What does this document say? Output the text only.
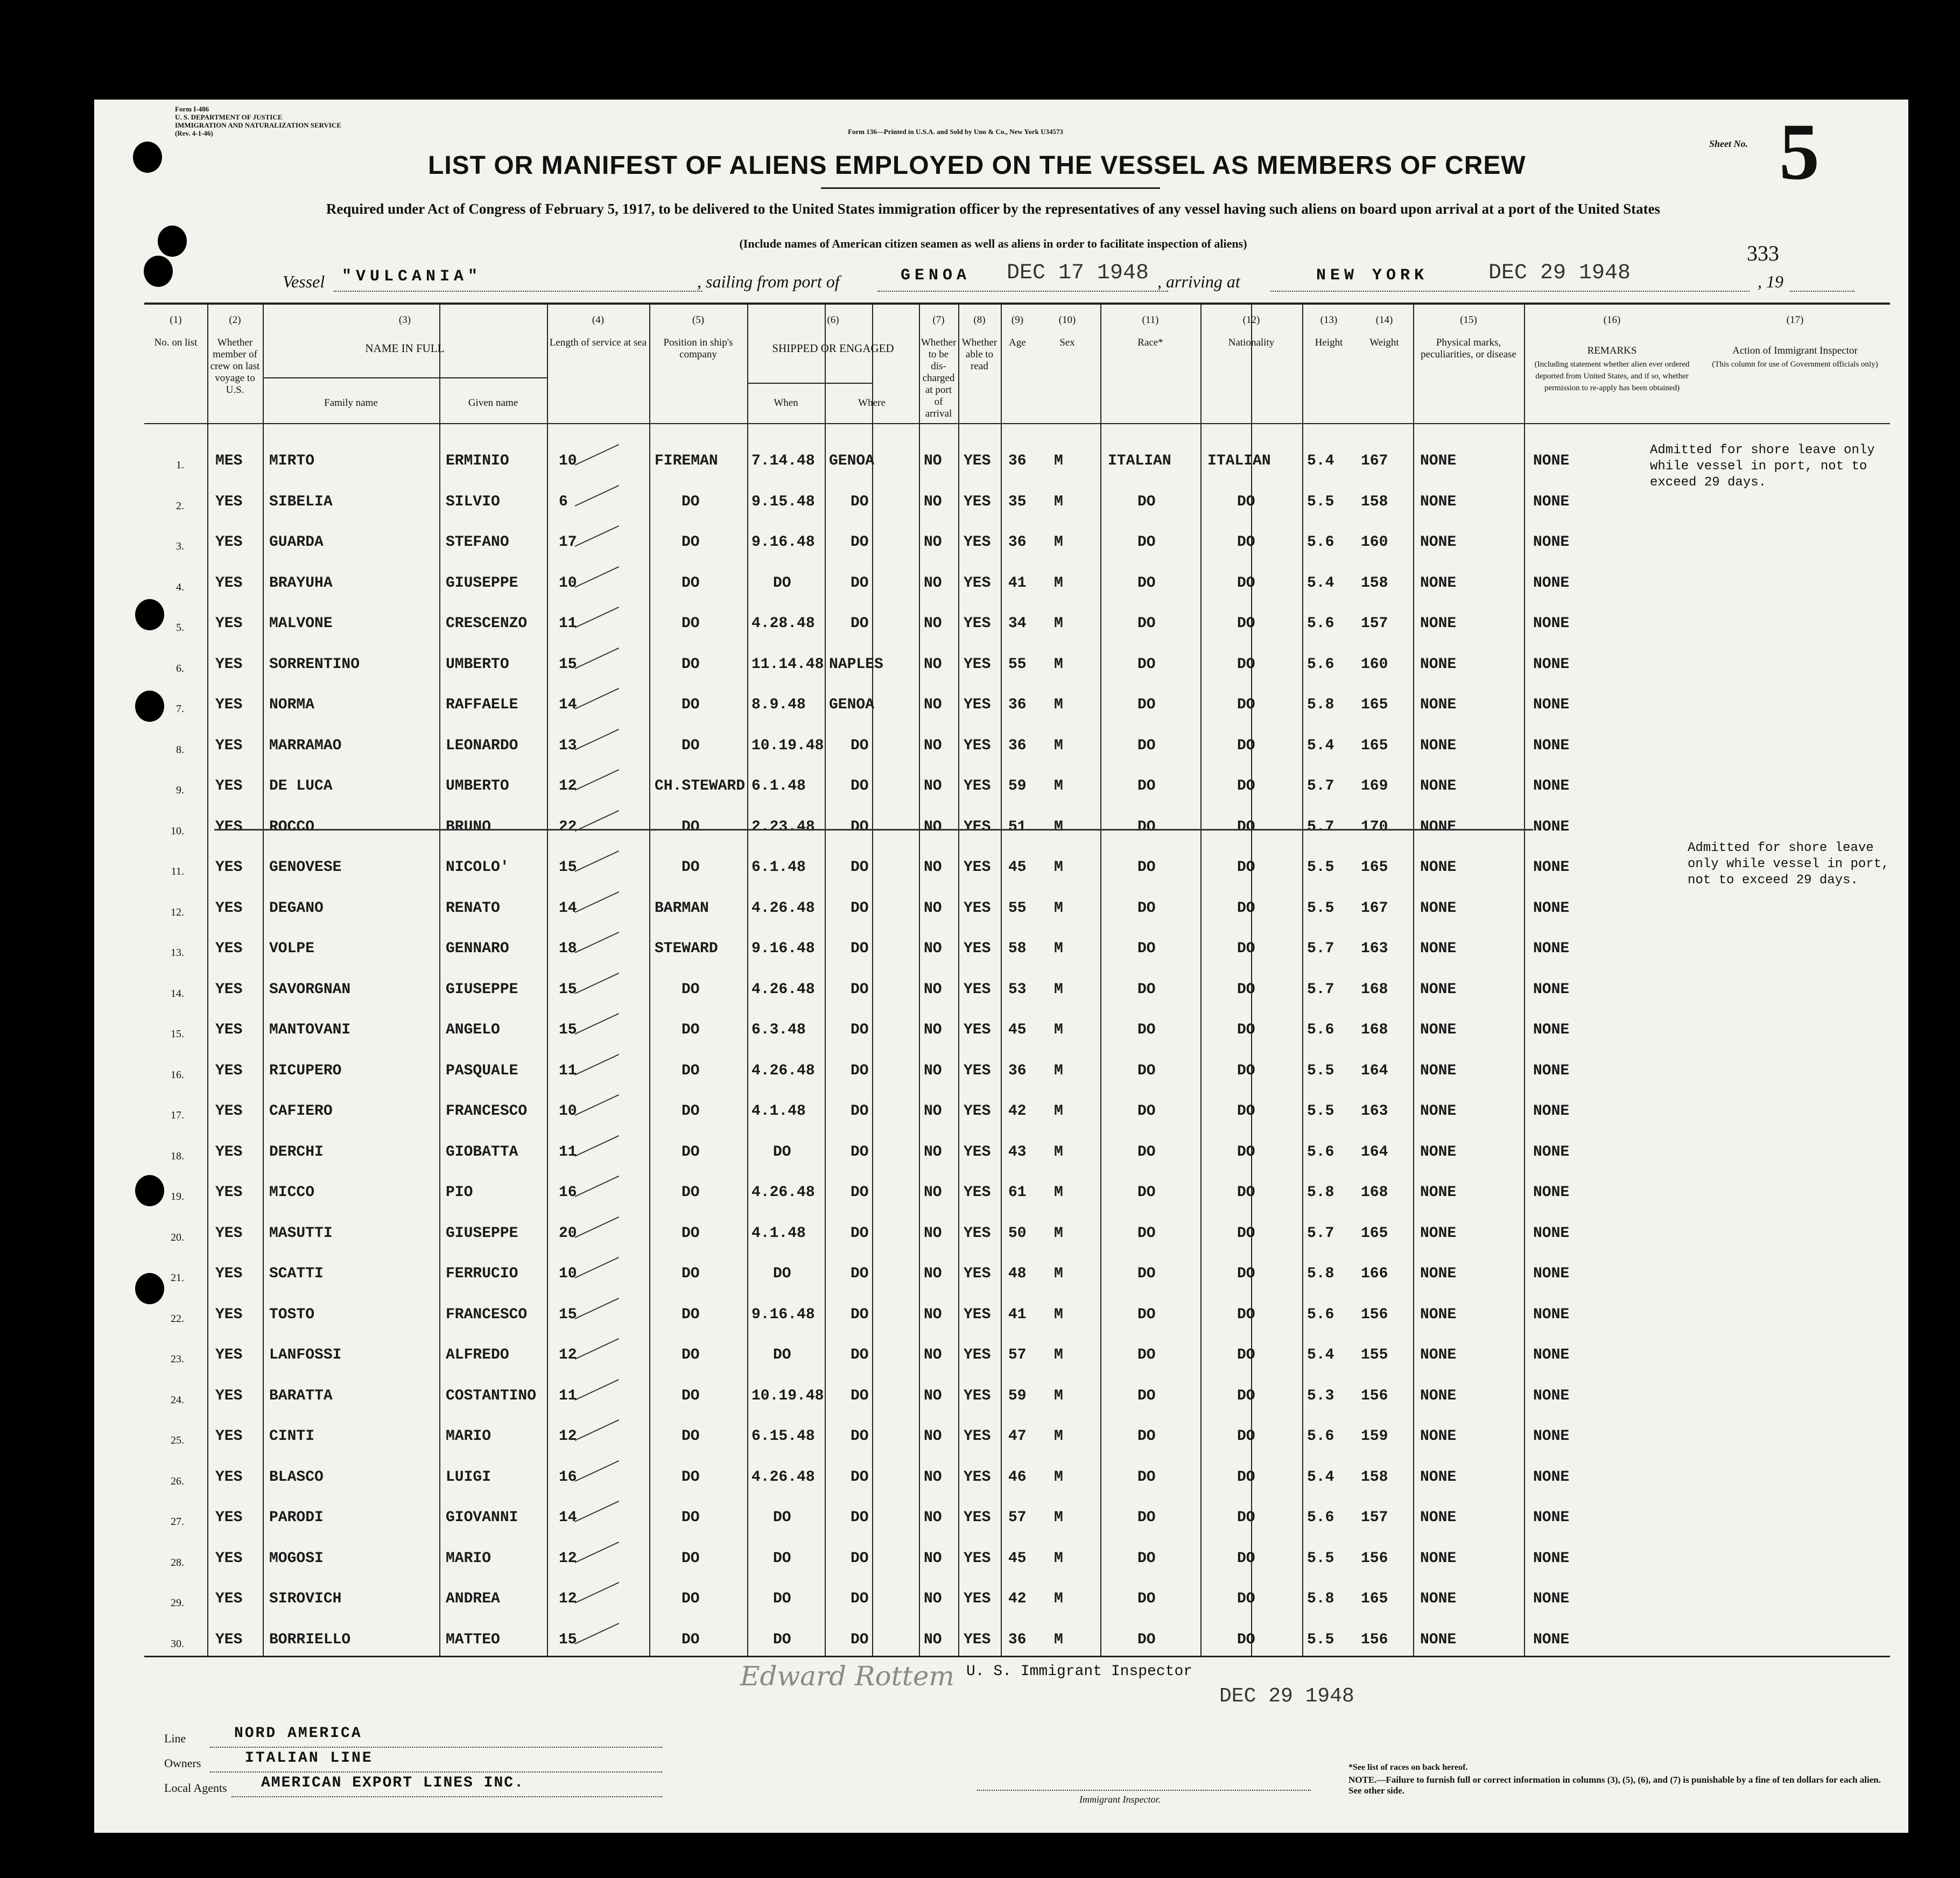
Form I-486
U. S. DEPARTMENT OF JUSTICE
IMMIGRATION AND NATURALIZATION SERVICE
(Rev. 4-1-46)	Form 136—Printed in U.S.A. and Sold by Uno & Co., New York U34573
Sheet No. 5
LIST OR MANIFEST OF ALIENS EMPLOYED ON THE VESSEL AS MEMBERS OF CREW
Required under Act of Congress of February 5, 1917, to be delivered to the United States immigration officer by the representatives of any vessel having such aliens on board upon arrival at a port of the United States
(Include names of American citizen seamen as well as aliens in order to facilitate inspection of aliens)	333
Vessel "VULCANIA"	, sailing from port of	GENOA DEC 17 1948 , arriving at	NEW YORK	DEC 29 1948	, 19
(1)
No. on list
(2)
Whether member of crew on last voyage to U.S.
(3)
NAME IN FULL
(4)
Length of service at sea
(5)
Position in ship's company
(6)
SHIPPED OR ENGAGED
(7)
Whether to be dis-charged at port of arrival
(8)
Whether able to read
(9)
Age
(10)
Sex
(11)
Race*
(12)
Nationality
(13)
Height
(14)
Weight
(15)
Physical marks, peculiarities, or disease
(16)
REMARKS
(Including statement whether alien ever ordered deported from United States, and if so, whether permission to re-apply has been obtained)
(17)
Action of Immigrant Inspector
(This column for use of Government officials only)
Family name	Given name	When	Where
1. MES MIRTO	ERMINIO	10	FIREMAN 7.14.48 GENOA	NO YES 36 M	ITALIAN ITALIAN 5.4 167 NONE	NONE
2. YES SIBELIA	SILVIO	6	DO	9.15.48 DO	NO YES 35 M	DO	DO	5.5 158 NONE	NONE
3. YES GUARDA	STEFANO	17	DO	9.16.48 DO	NO YES 36 M	DO	DO	5.6 160 NONE	NONE
4. YES BRAYUHA	GIUSEPPE	10	DO	DO	DO	NO YES 41 M	DO	DO	5.4 158 NONE	NONE
5. YES MALVONE	CRESCENZO 11	DO	4.28.48 DO	NO YES 34 M	DO	DO	5.6 157 NONE	NONE
6. YES SORRENTINO	UMBERTO	15	DO	11.14.48 NAPLES	NO YES 55 M	DO	DO	5.6 160 NONE	NONE
7. YES NORMA	RAFFAELE	14	DO	8.9.48 GENOA	NO YES 36 M	DO	DO	5.8 165 NONE	NONE
8. YES MARRAMAO	LEONARDO	13	DO	10.19.48 DO	NO YES 36 M	DO	DO	5.4 165 NONE	NONE
9. YES DE LUCA	UMBERTO	12	CH.STEWARD 6.1.48	DO	NO YES 59 M	DO	DO	5.7 169 NONE	NONE
10. YES ROCCO	BRUNO	22	DO	2.23.48 DO	NO YES 51 M	DO	DO	5.7 170 NONE	NONE
11. YES GENOVESE	NICOLO'	15	DO	6.1.48	DO	NO YES 45 M	DO	DO	5.5 165 NONE	NONE
12. YES DEGANO	RENATO	14	BARMAN	4.26.48 DO	NO YES 55 M	DO	DO	5.5 167 NONE	NONE
13. YES VOLPE	GENNARO	18	STEWARD 9.16.48 DO	NO YES 58 M	DO	DO	5.7 163 NONE	NONE
14. YES SAVORGNAN	GIUSEPPE	15	DO	4.26.48 DO	NO YES 53 M	DO	DO	5.7 168 NONE	NONE
15. YES MANTOVANI	ANGELO	15	DO	6.3.48	DO	NO YES 45 M	DO	DO	5.6 168 NONE	NONE
16. YES RICUPERO	PASQUALE	11	DO	4.26.48 DO	NO YES 36 M	DO	DO	5.5 164 NONE	NONE
17. YES CAFIERO	FRANCESCO 10	DO	4.1.48	DO	NO YES 42 M	DO	DO	5.5 163 NONE	NONE
18. YES DERCHI	GIOBATTA	11	DO	DO	DO	NO YES 43 M	DO	DO	5.6 164 NONE	NONE
19. YES MICCO	PIO	16	DO	4.26.48 DO	NO YES 61 M	DO	DO	5.8 168 NONE	NONE
20. YES MASUTTI	GIUSEPPE	20	DO	4.1.48	DO	NO YES 50 M	DO	DO	5.7 165 NONE	NONE
21. YES SCATTI	FERRUCIO	10	DO	DO	DO	NO YES 48 M	DO	DO	5.8 166 NONE	NONE
22. YES TOSTO	FRANCESCO 15	DO	9.16.48 DO	NO YES 41 M	DO	DO	5.6 156 NONE	NONE
23. YES LANFOSSI	ALFREDO	12	DO	DO	DO	NO YES 57 M	DO	DO	5.4 155 NONE	NONE
24. YES BARATTA	COSTANTINO 11	DO	10.19.48 DO	NO YES 59 M	DO	DO	5.3 156 NONE	NONE
25. YES CINTI	MARIO	12	DO	6.15.48 DO	NO YES 47 M	DO	DO	5.6 159 NONE	NONE
26. YES BLASCO	LUIGI	16	DO	4.26.48 DO	NO YES 46 M	DO	DO	5.4 158 NONE	NONE
27. YES PARODI	GIOVANNI	14	DO	DO	DO	NO YES 57 M	DO	DO	5.6 157 NONE	NONE
28. YES MOGOSI	MARIO	12	DO	DO	DO	NO YES 45 M	DO	DO	5.5 156 NONE	NONE
29. YES SIROVICH	ANDREA	12	DO	DO	DO	NO YES 42 M	DO	DO	5.8 165 NONE	NONE
30. YES BORRIELLO	MATTEO	15	DO	DO	DO	NO YES 36 M	DO	DO	5.5 156 NONE	NONE
Admitted for shore leave only while vessel in port, not to exceed 29 days.
Admitted for shore leave only while vessel in port, not to exceed 29 days.
Edward Rottem U. S. Immigrant Inspector
DEC 29 1948
Line	NORD AMERICA
Owners	ITALIAN LINE
Local Agents AMERICAN EXPORT LINES INC.
Immigrant Inspector.
*See list of races on back hereof.
NOTE.—Failure to furnish full or correct information in columns (3), (5), (6), and (7) is punishable by a fine of ten dollars for each alien. See other side.
